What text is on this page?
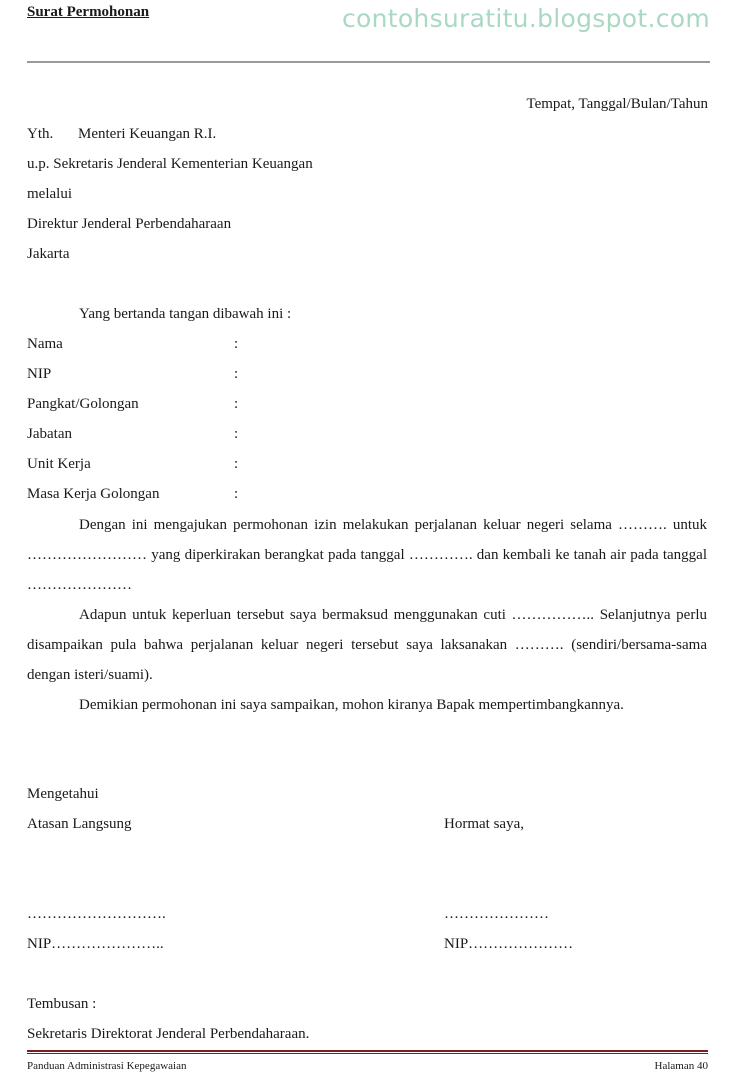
Surat Permohonan	contohsuratitu.blogspot.com
Tempat, Tanggal/Bulan/Tahun
Yth. Menteri Keuangan R.I.
u.p. Sekretaris Jenderal Kementerian Keuangan
melalui
Direktur Jenderal Perbendaharaan
Jakarta
Yang bertanda tangan dibawah ini :
Nama	:
NIP	:
Pangkat/Golongan	:
Jabatan	:
Unit Kerja	:
Masa Kerja Golongan	:
Dengan ini mengajukan permohonan izin melakukan perjalanan keluar negeri selama ………. untuk …………………… yang diperkirakan berangkat pada tanggal …………. dan kembali ke tanah air pada tanggal …………………
Adapun untuk keperluan tersebut saya bermaksud menggunakan cuti …………….. Selanjutnya perlu disampaikan pula bahwa perjalanan keluar negeri tersebut saya laksanakan ………. (sendiri/bersama-sama dengan isteri/suami).
Demikian permohonan ini saya sampaikan, mohon kiranya Bapak mempertimbangkannya.
Mengetahui
Atasan Langsung	Hormat saya,
……………………….	…………………
NIP…………………..	NIP…………………
Tembusan :
Sekretaris Direktorat Jenderal Perbendaharaan.
Panduan Administrasi Kepegawaian	Halaman 40
